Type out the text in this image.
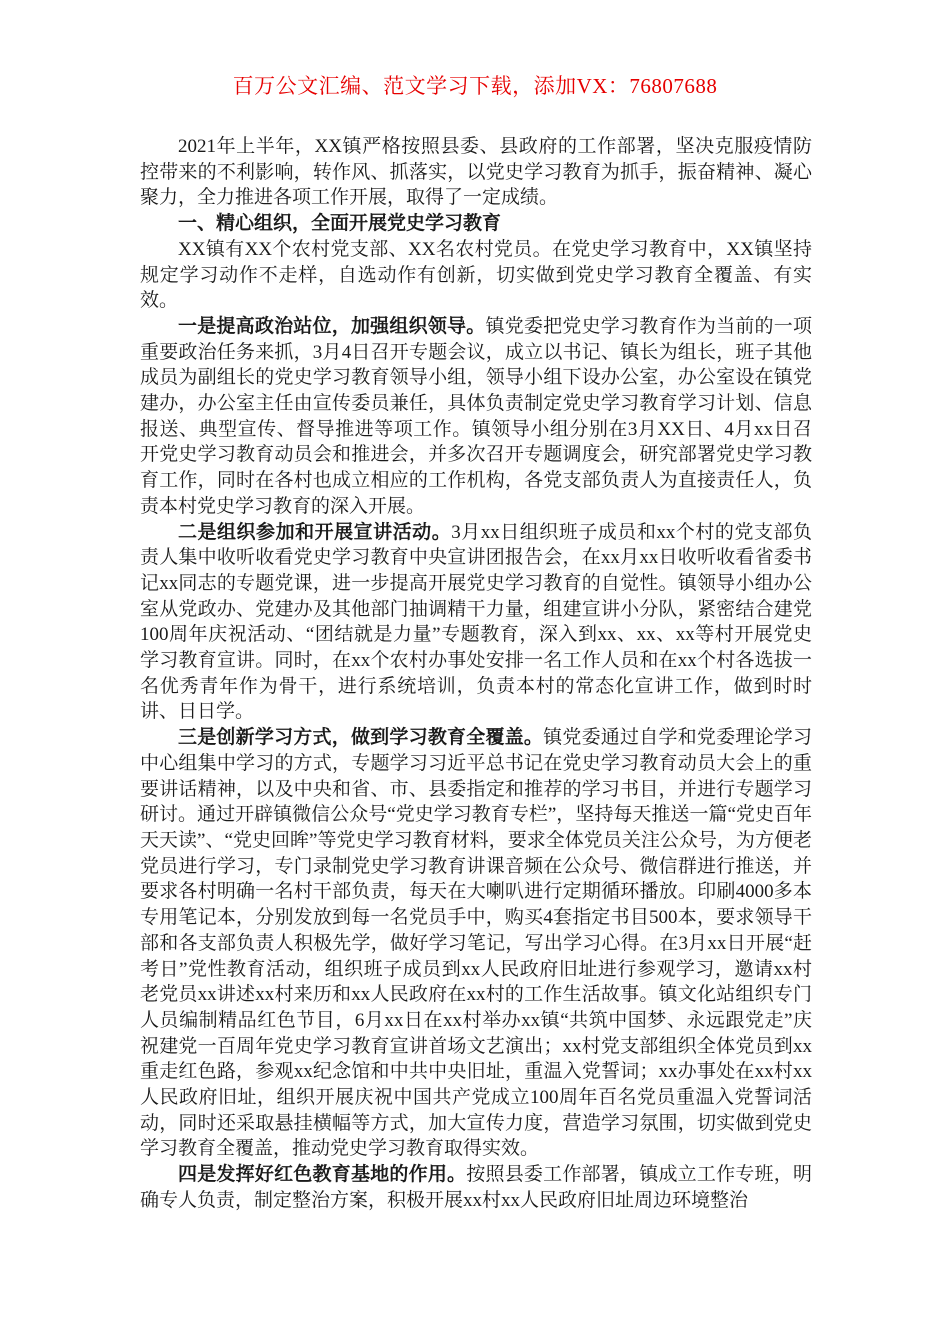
百万公文汇编、范文学习下载，添加VX：76807688

2021年上半年，XX镇严格按照县委、县政府的工作部署，坚决克服疫情防控带来的不利影响，转作风、抓落实，以党史学习教育为抓手，振奋精神、凝心聚力，全力推进各项工作开展，取得了一定成绩。

一、精心组织，全面开展党史学习教育

XX镇有XX个农村党支部、XX名农村党员。在党史学习教育中，XX镇坚持规定学习动作不走样，自选动作有创新，切实做到党史学习教育全覆盖、有实效。

一是提高政治站位，加强组织领导。镇党委把党史学习教育作为当前的一项重要政治任务来抓，3月4日召开专题会议，成立以书记、镇长为组长，班子其他成员为副组长的党史学习教育领导小组，领导小组下设办公室，办公室设在镇党建办，办公室主任由宣传委员兼任，具体负责制定党史学习教育学习计划、信息报送、典型宣传、督导推进等项工作。镇领导小组分别在3月XX日、4月xx日召开党史学习教育动员会和推进会，并多次召开专题调度会，研究部署党史学习教育工作，同时在各村也成立相应的工作机构，各党支部负责人为直接责任人，负责本村党史学习教育的深入开展。

二是组织参加和开展宣讲活动。3月xx日组织班子成员和xx个村的党支部负责人集中收听收看党史学习教育中央宣讲团报告会，在xx月xx日收听收看省委书记xx同志的专题党课，进一步提高开展党史学习教育的自觉性。镇领导小组办公室从党政办、党建办及其他部门抽调精干力量，组建宣讲小分队，紧密结合建党100周年庆祝活动、“团结就是力量”专题教育，深入到xx、xx、xx等村开展党史学习教育宣讲。同时，在xx个农村办事处安排一名工作人员和在xx个村各选拔一名优秀青年作为骨干，进行系统培训，负责本村的常态化宣讲工作，做到时时讲、日日学。

三是创新学习方式，做到学习教育全覆盖。镇党委通过自学和党委理论学习中心组集中学习的方式，专题学习习近平总书记在党史学习教育动员大会上的重要讲话精神，以及中央和省、市、县委指定和推荐的学习书目，并进行专题学习研讨。通过开辟镇微信公众号“党史学习教育专栏”，坚持每天推送一篇“党史百年天天读”、“党史回眸”等党史学习教育材料，要求全体党员关注公众号，为方便老党员进行学习，专门录制党史学习教育讲课音频在公众号、微信群进行推送，并要求各村明确一名村干部负责，每天在大喇叭进行定期循环播放。印刷4000多本专用笔记本，分别发放到每一名党员手中，购买4套指定书目500本，要求领导干部和各支部负责人积极先学，做好学习笔记，写出学习心得。在3月xx日开展“赶考日”党性教育活动，组织班子成员到xx人民政府旧址进行参观学习，邀请xx村老党员xx讲述xx村来历和xx人民政府在xx村的工作生活故事。镇文化站组织专门人员编制精品红色节目，6月xx日在xx村举办xx镇“共筑中国梦、永远跟党走”庆祝建党一百周年党史学习教育宣讲首场文艺演出；xx村党支部组织全体党员到xx重走红色路，参观xx纪念馆和中共中央旧址，重温入党誓词；xx办事处在xx村xx人民政府旧址，组织开展庆祝中国共产党成立100周年百名党员重温入党誓词活动，同时还采取悬挂横幅等方式，加大宣传力度，营造学习氛围，切实做到党史学习教育全覆盖，推动党史学习教育取得实效。

四是发挥好红色教育基地的作用。按照县委工作部署，镇成立工作专班，明确专人负责，制定整治方案，积极开展xx村xx人民政府旧址周边环境整治
